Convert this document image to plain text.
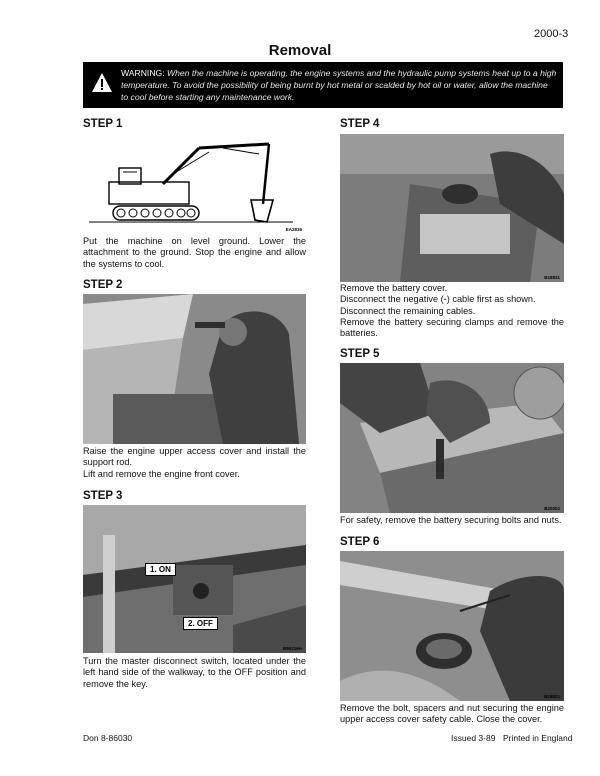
2000-3
Removal
WARNING: When the machine is operating, the engine systems and the hydraulic pump systems heat up to a high temperature. To avoid the possibility of being burnt by hot metal or scalded by hot oil or water, allow the machine to cool before starting any maintenance work.
STEP 1
EA2836

Put the machine on level ground. Lower the attachment to the ground. Stop the engine and allow the systems to cool.

STEP 2

Raise the engine upper access cover and install the support rod.

Lift and remove the engine front cover.

STEP 3
1. ON
2. OFF
B90216A

Turn the master disconnect switch, located under the left hand side of the walkway, to the OFF position and remove the key.

STEP 4
B18831

Remove the battery cover.

Disconnect the negative (-) cable first as shown.

Disconnect the remaining cables.

Remove the battery securing clamps and remove the batteries.

STEP 5
B20002

For safety, remove the battery securing bolts and nuts.

STEP 6
B18821

Remove the bolt, spacers and nut securing the engine upper access cover safety cable. Close the cover.

Don 8-86030	Issued 3-89 Printed in England
